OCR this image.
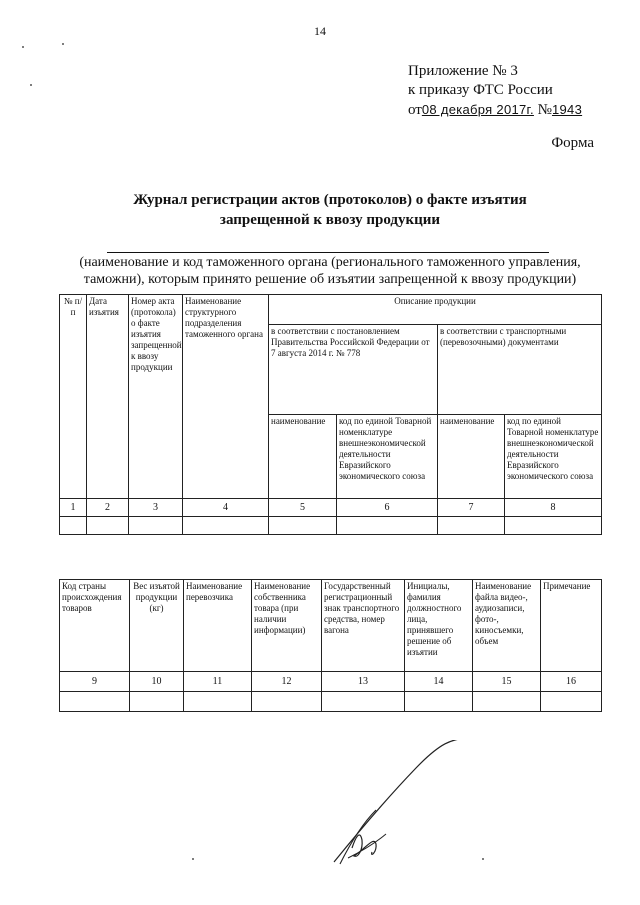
14
Приложение № 3
к приказу ФТС России
от08 декабря 2017г. №1943
Форма
Журнал регистрации актов (протоколов) о факте изъятия
запрещенной к ввозу продукции
(наименование и код таможенного органа (регионального таможенного управления,
таможни), которым принято решение об изъятии запрещенной к ввозу продукции)
№ п/п	Дата изъятия	Номер акта (протокола) о факте изъятия запрещенной к ввозу продукции	Наименование структурного подразделения таможенного органа	Описание продукции			
				в соответствии с постановлением Правительства Российской Федерации от 7 августа 2014 г. № 778		в соответствии с транспортными (перевозочными) документами	
				наименование	код по единой Товарной номенклатуре внешнеэкономической деятельности Евразийского экономического союза	наименование	код по единой Товарной номенклатуре внешнеэкономической деятельности Евразийского экономического союза
1	2	3	4	5	6	7	8

Код страны происхождения товаров	Вес изъятой продукции (кг)	Наименование перевозчика	Наименование собственника товара (при наличии информации)	Государственный регистрационный знак транспортного средства, номер вагона	Инициалы, фамилия должностного лица, принявшего решение об изъятии	Наименование файла видео-, аудиозаписи, фото-, киносъемки, объем	Примечание
9	10	11	12	13	14	15	16
